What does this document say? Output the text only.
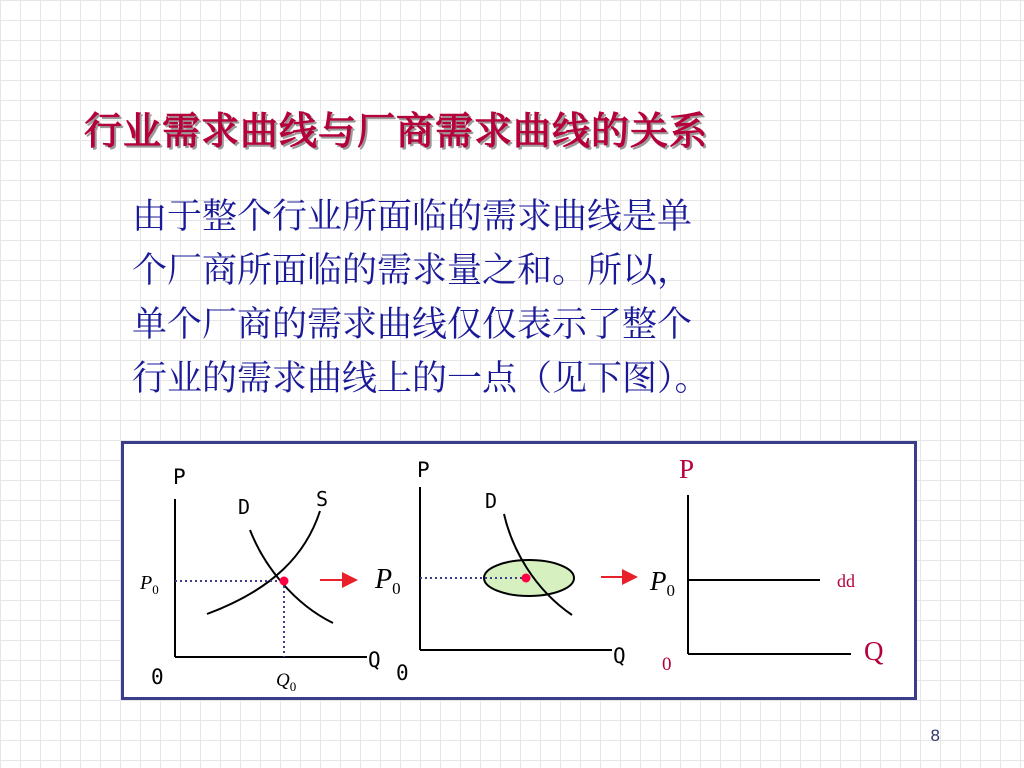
行业需求曲线与厂商需求曲线的关系
由于整个行业所面临的需求曲线是单
个厂商所面临的需求量之和。所以，
单个厂商的需求曲线仅仅表示了整个
行业的需求曲线上的一点（见下图）。
P
Q
0
D	S
$P_0$
$Q_0$
P
Q
0
D
$P_0$
P
Q
0
dd
$P_0$
8
